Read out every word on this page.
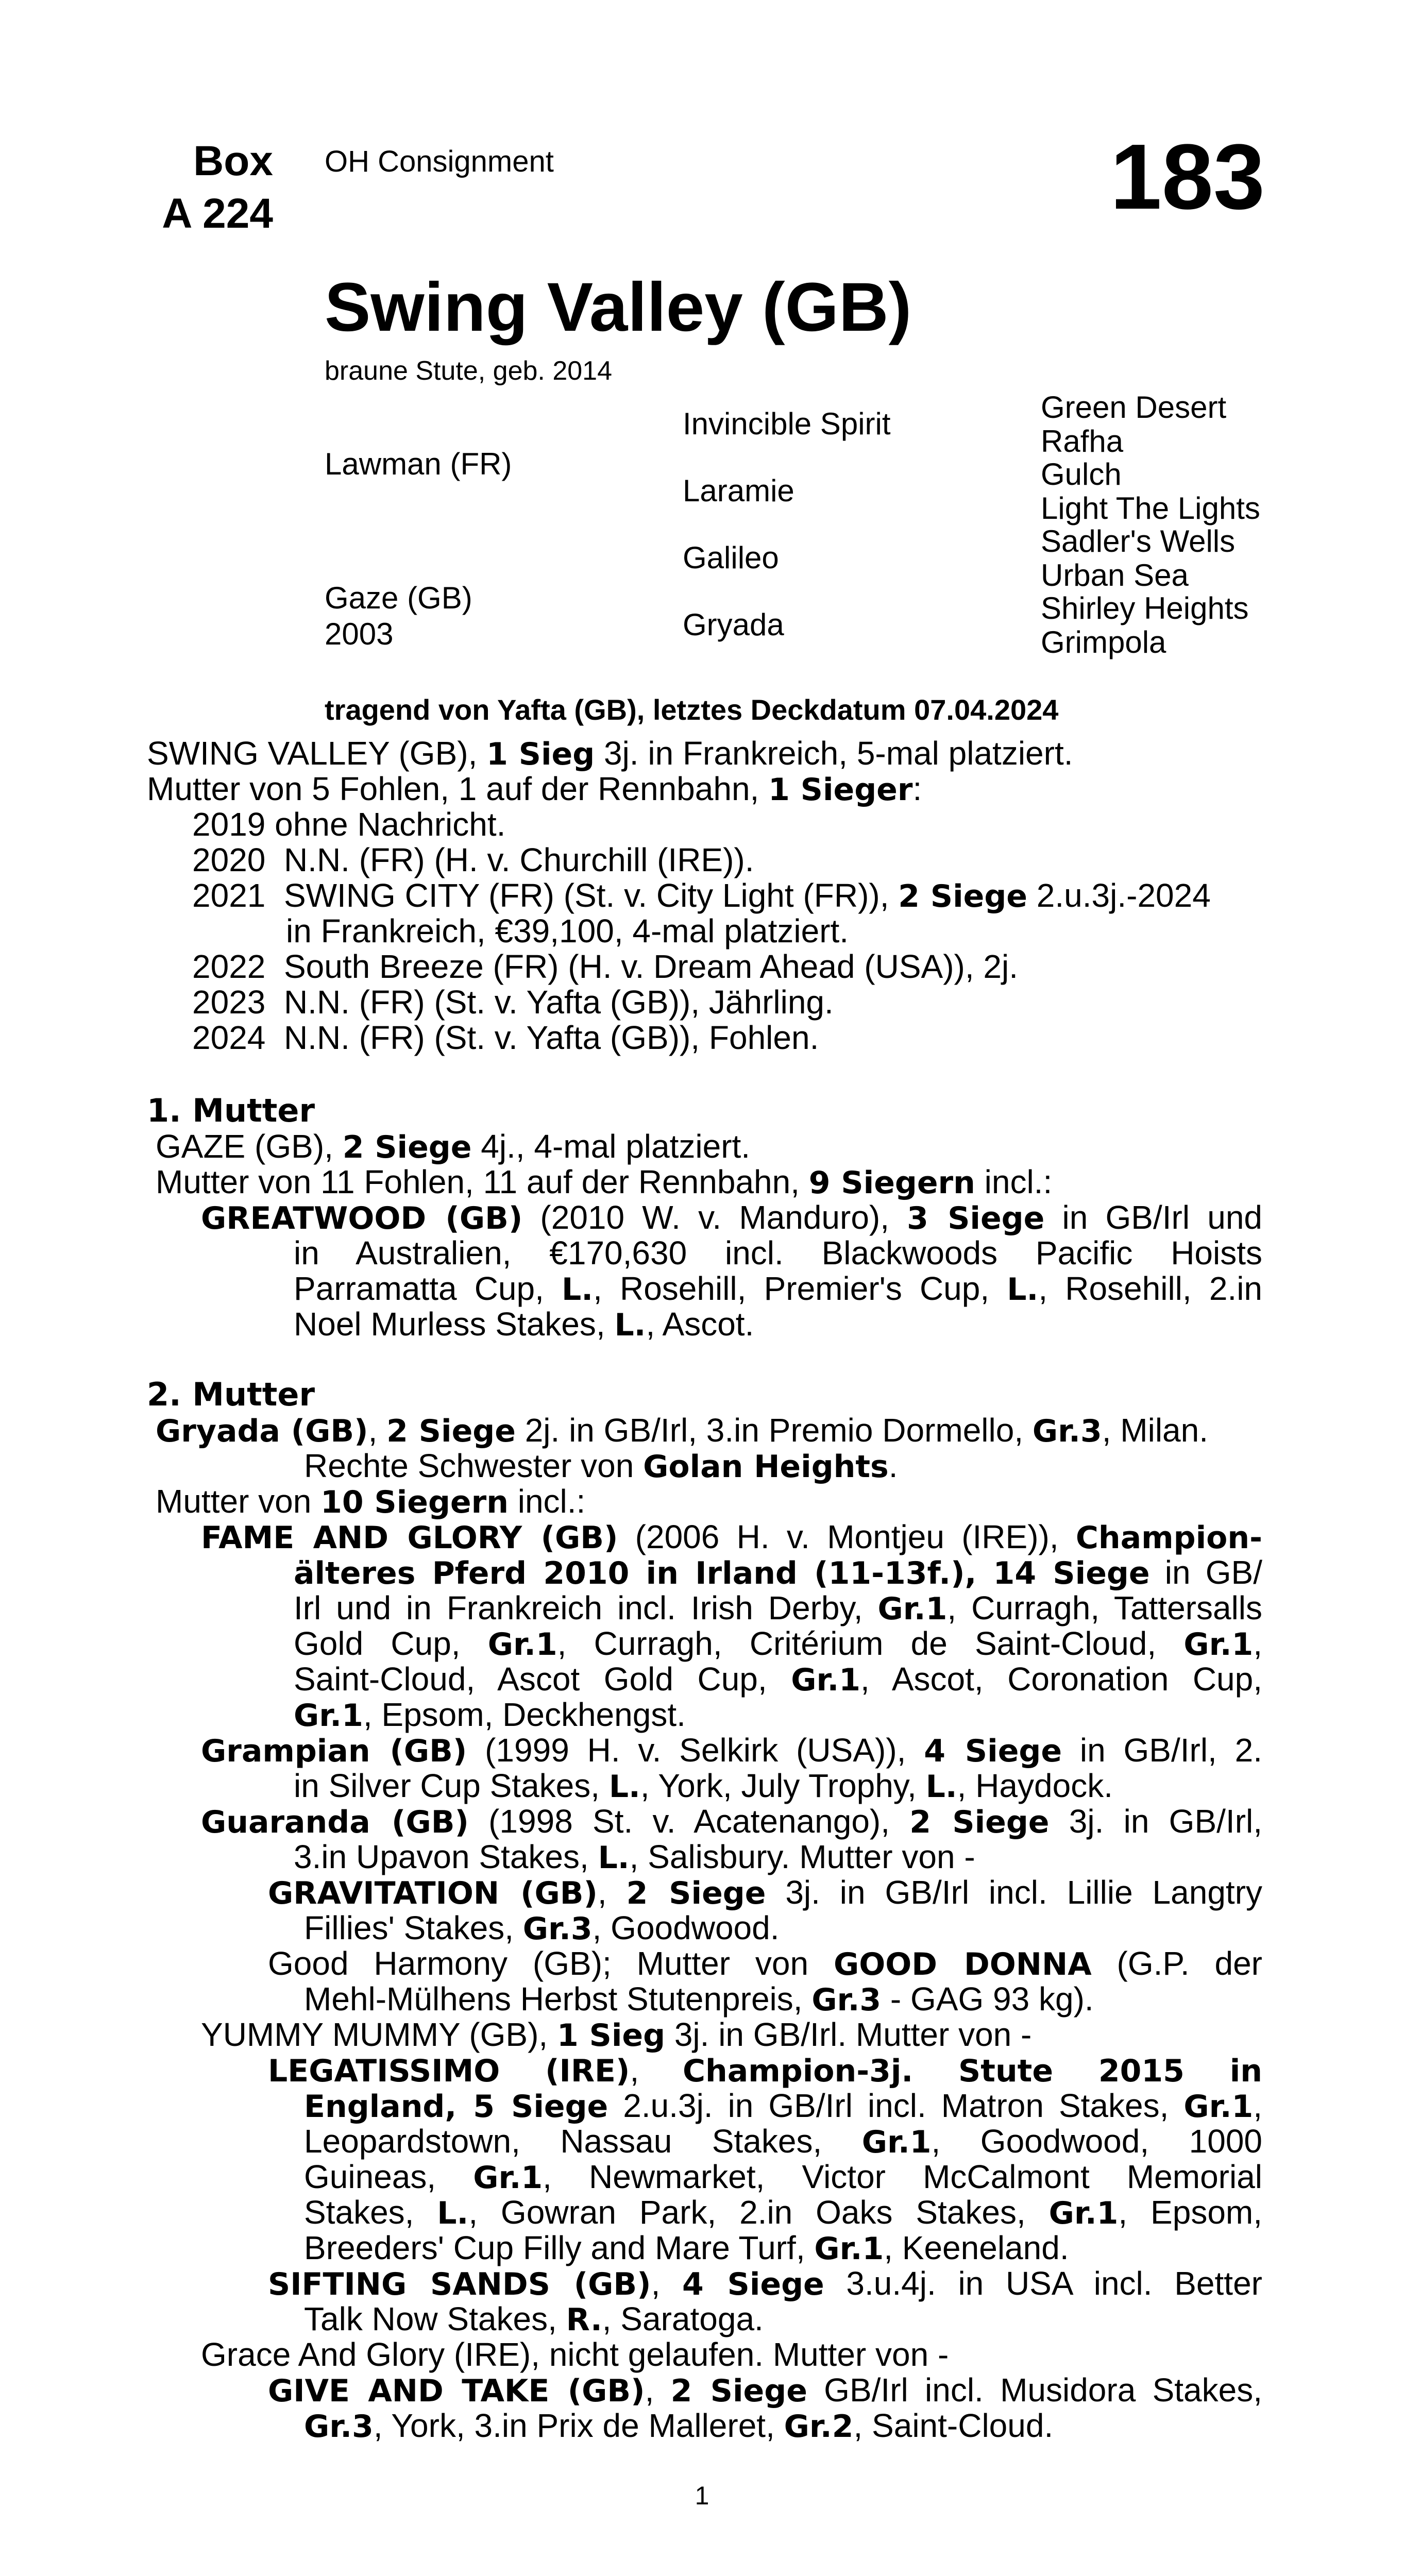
Box
A 224
OH Consignment	183
Swing Valley (GB)
braune Stute, geb. 2014
Lawman (FR)
Gaze (GB)
2003
Invincible Spirit
Laramie
Galileo
Gryada
Green Desert
Rafha
Gulch
Light The Lights
Sadler's Wells
Urban Sea
Shirley Heights
Grimpola
tragend von Yafta (GB), letztes Deckdatum 07.04.2024
SWING VALLEY (GB), 1 Sieg 3j. in Frankreich, 5-mal platziert.
Mutter von 5 Fohlen, 1 auf der Rennbahn, 1 Sieger:
2019 ohne Nachricht.
2020  N.N. (FR) (H. v. Churchill (IRE)).
2021  SWING CITY (FR) (St. v. City Light (FR)), 2 Siege 2.u.3j.-2024
in Frankreich, €39,100, 4-mal platziert.
2022  South Breeze (FR) (H. v. Dream Ahead (USA)), 2j.
2023  N.N. (FR) (St. v. Yafta (GB)), Jährling.
2024  N.N. (FR) (St. v. Yafta (GB)), Fohlen.
1. Mutter
GAZE (GB), 2 Siege 4j., 4-mal platziert.
Mutter von 11 Fohlen, 11 auf der Rennbahn, 9 Siegern incl.:
GREATWOOD (GB) (2010 W. v. Manduro), 3 Siege in GB/Irl und
in Australien, €170,630 incl. Blackwoods Pacific Hoists
Parramatta Cup, L., Rosehill, Premier's Cup, L., Rosehill, 2.in
Noel Murless Stakes, L., Ascot.
2. Mutter
Gryada (GB), 2 Siege 2j. in GB/Irl, 3.in Premio Dormello, Gr.3, Milan.
Rechte Schwester von Golan Heights.
Mutter von 10 Siegern incl.:
FAME AND GLORY (GB) (2006 H. v. Montjeu (IRE)), Champion-
älteres Pferd 2010 in Irland (11-13f.), 14 Siege in GB/
Irl und in Frankreich incl. Irish Derby, Gr.1, Curragh, Tattersalls
Gold Cup, Gr.1, Curragh, Critérium de Saint-Cloud, Gr.1,
Saint-Cloud, Ascot Gold Cup, Gr.1, Ascot, Coronation Cup,
Gr.1, Epsom, Deckhengst.
Grampian (GB) (1999 H. v. Selkirk (USA)), 4 Siege in GB/Irl, 2.
in Silver Cup Stakes, L., York, July Trophy, L., Haydock.
Guaranda (GB) (1998 St. v. Acatenango), 2 Siege 3j. in GB/Irl,
3.in Upavon Stakes, L., Salisbury. Mutter von -
GRAVITATION (GB), 2 Siege 3j. in GB/Irl incl. Lillie Langtry
Fillies' Stakes, Gr.3, Goodwood.
Good Harmony (GB); Mutter von GOOD DONNA (G.P. der
Mehl-Mülhens Herbst Stutenpreis, Gr.3 - GAG 93 kg).
YUMMY MUMMY (GB), 1 Sieg 3j. in GB/Irl. Mutter von -
LEGATISSIMO (IRE), Champion-3j. Stute 2015 in
England, 5 Siege 2.u.3j. in GB/Irl incl. Matron Stakes, Gr.1,
Leopardstown, Nassau Stakes, Gr.1, Goodwood, 1000
Guineas, Gr.1, Newmarket, Victor McCalmont Memorial
Stakes, L., Gowran Park, 2.in Oaks Stakes, Gr.1, Epsom,
Breeders' Cup Filly and Mare Turf, Gr.1, Keeneland.
SIFTING SANDS (GB), 4 Siege 3.u.4j. in USA incl. Better
Talk Now Stakes, R., Saratoga.
Grace And Glory (IRE), nicht gelaufen. Mutter von -
GIVE AND TAKE (GB), 2 Siege GB/Irl incl. Musidora Stakes,
Gr.3, York, 3.in Prix de Malleret, Gr.2, Saint-Cloud.
1
